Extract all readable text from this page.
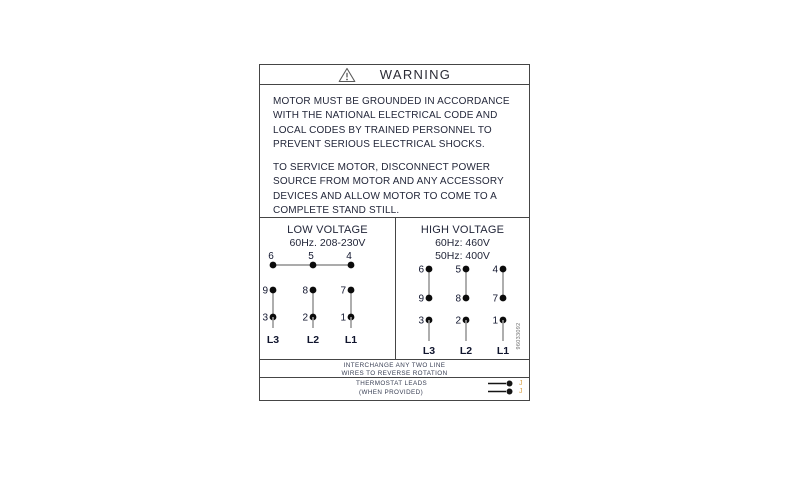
WARNING
MOTOR MUST BE GROUNDED IN ACCORDANCE
WITH THE NATIONAL ELECTRICAL CODE AND
LOCAL CODES BY TRAINED PERSONNEL TO
PREVENT SERIOUS ELECTRICAL SHOCKS.
TO SERVICE MOTOR, DISCONNECT POWER
SOURCE FROM MOTOR AND ANY ACCESSORY
DEVICES AND ALLOW MOTOR TO COME TO A
COMPLETE STAND STILL.
LOW VOLTAGE
60Hz. 208-230V
6	5	4
9	8	7
3	2	1
L3	L2 L1
HIGH VOLTAGE
60Hz: 460V
50Hz: 400V
6	5	4
9	8	7
3	2	1
L3 L2 L1
96033092
INTERCHANGE ANY TWO LINE
WIRES TO REVERSE ROTATION
THERMOSTAT LEADS
(WHEN PROVIDED)
J
J
